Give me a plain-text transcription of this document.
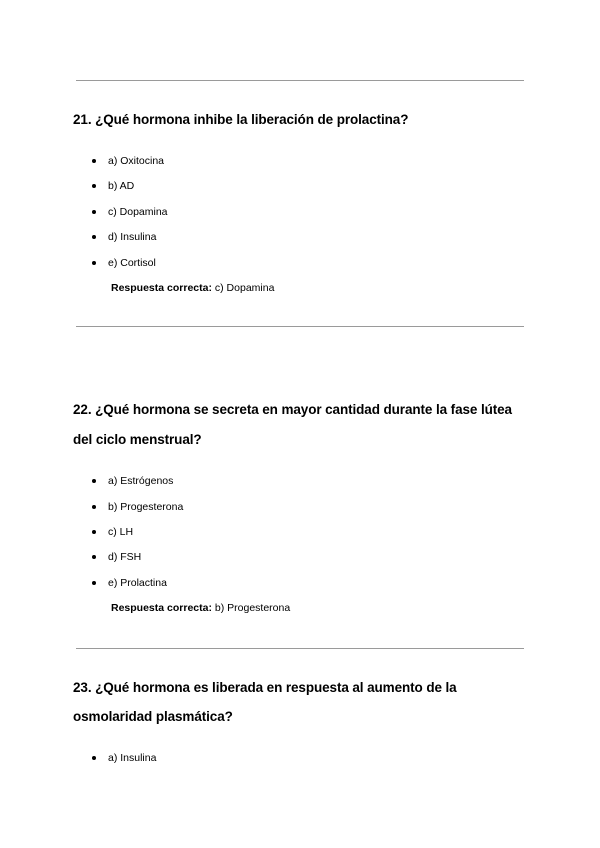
21. ¿Qué hormona inhibe la liberación de prolactina?
a) Oxitocina
b) AD
c) Dopamina
d) Insulina
e) Cortisol
Respuesta correcta: c) Dopamina
22. ¿Qué hormona se secreta en mayor cantidad durante la fase lútea
del ciclo menstrual?
a) Estrógenos
b) Progesterona
c) LH
d) FSH
e) Prolactina
Respuesta correcta: b) Progesterona
23. ¿Qué hormona es liberada en respuesta al aumento de la
osmolaridad plasmática?
a) Insulina
